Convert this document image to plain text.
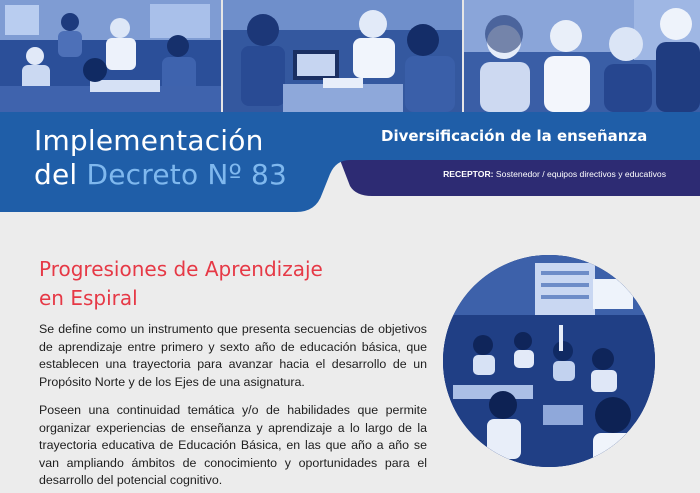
Implementación
del Decreto Nº 83
Diversificación de la enseñanza
RECEPTOR: Sostenedor / equipos directivos y educativos
Progresiones de Aprendizaje
en Espiral

Se define como un instrumento que presenta secuencias de objetivos de aprendizaje entre primero y sexto año de educación básica, que establecen una trayectoria para avanzar hacia el desarrollo de un Propósito Norte y de los Ejes de una asignatura.

Poseen una continuidad temática y/o de habilidades que permite organizar experiencias de enseñanza y aprendizaje a lo largo de la trayectoria educativa de Educación Básica, en las que año a año se van ampliando ámbitos de conocimiento y oportunidades para el desarrollo del potencial cognitivo.
